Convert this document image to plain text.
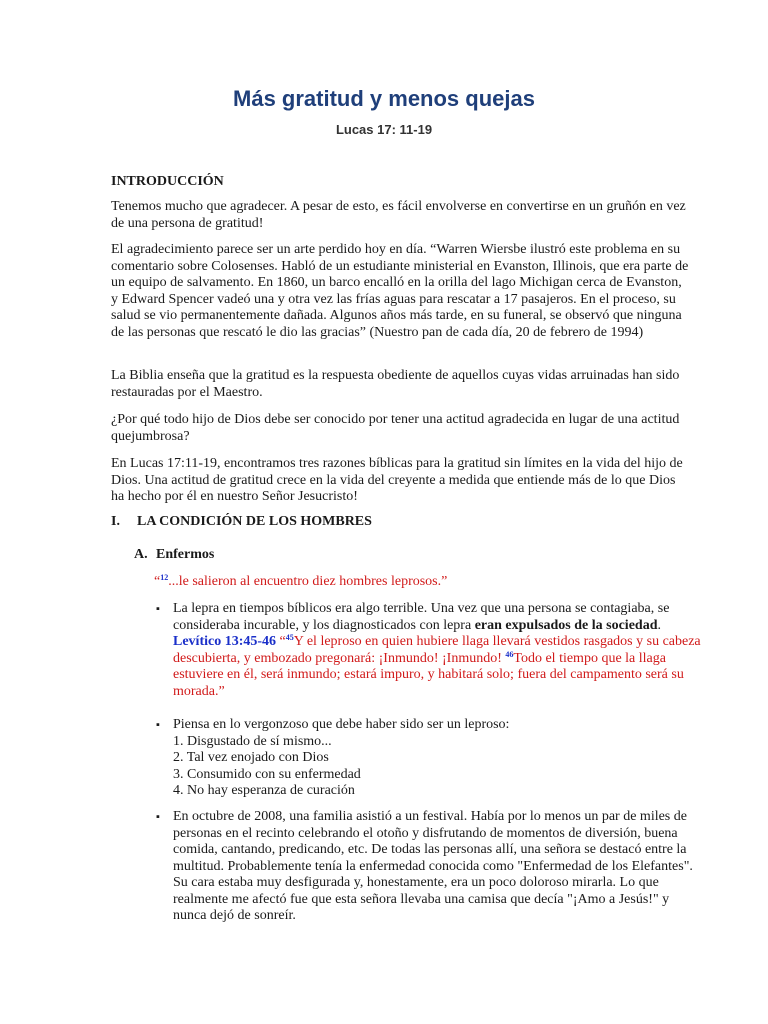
Más gratitud y menos quejas
Lucas 17: 11-19
INTRODUCCIÓN

Tenemos mucho que agradecer. A pesar de esto, es fácil envolverse en convertirse en un gruñón en vez de una persona de gratitud!

El agradecimiento parece ser un arte perdido hoy en día. “Warren Wiersbe ilustró este problema en su comentario sobre Colosenses. Habló de un estudiante ministerial en Evanston, Illinois, que era parte de un equipo de salvamento. En 1860, un barco encalló en la orilla del lago Michigan cerca de Evanston, y Edward Spencer vadeó una y otra vez las frías aguas para rescatar a 17 pasajeros. En el proceso, su salud se vio permanentemente dañada. Algunos años más tarde, en su funeral, se observó que ninguna de las personas que rescató le dio las gracias” (Nuestro pan de cada día, 20 de febrero de 1994)

La Biblia enseña que la gratitud es la respuesta obediente de aquellos cuyas vidas arruinadas han sido restauradas por el Maestro.

¿Por qué todo hijo de Dios debe ser conocido por tener una actitud agradecida en lugar de una actitud quejumbrosa?

En Lucas 17:11-19, encontramos tres razones bíblicas para la gratitud sin límites en la vida del hijo de Dios. Una actitud de gratitud crece en la vida del creyente a medida que entiende más de lo que Dios ha hecho por él en nuestro Señor Jesucristo!

I. LA CONDICIÓN DE LOS HOMBRES
A. Enfermos

“$^{12}$...le salieron al encuentro diez hombres leprosos.”

▪ La lepra en tiempos bíblicos era algo terrible. Una vez que una persona se contagiaba, se consideraba incurable, y los diagnosticados con lepra eran expulsados de la sociedad.
Levítico 13:45-46 “$^{45}$Y el leproso en quien hubiere llaga llevará vestidos rasgados y su cabeza descubierta, y embozado pregonará: ¡Inmundo! ¡Inmundo! $^{46}$Todo el tiempo que la llaga estuviere en él, será inmundo; estará impuro, y habitará solo; fuera del campamento será su morada.”

▪ Piensa en lo vergonzoso que debe haber sido ser un leproso:
1. Disgustado de sí mismo...
2. Tal vez enojado con Dios
3. Consumido con su enfermedad
4. No hay esperanza de curación
▪ En octubre de 2008, una familia asistió a un festival. Había por lo menos un par de miles de personas en el recinto celebrando el otoño y disfrutando de momentos de diversión, buena comida, cantando, predicando, etc. De todas las personas allí, una señora se destacó entre la multitud. Probablemente tenía la enfermedad conocida como "Enfermedad de los Elefantes". Su cara estaba muy desfigurada y, honestamente, era un poco doloroso mirarla. Lo que realmente me afectó fue que esta señora llevaba una camisa que decía "¡Amo a Jesús!" y nunca dejó de sonreír.
